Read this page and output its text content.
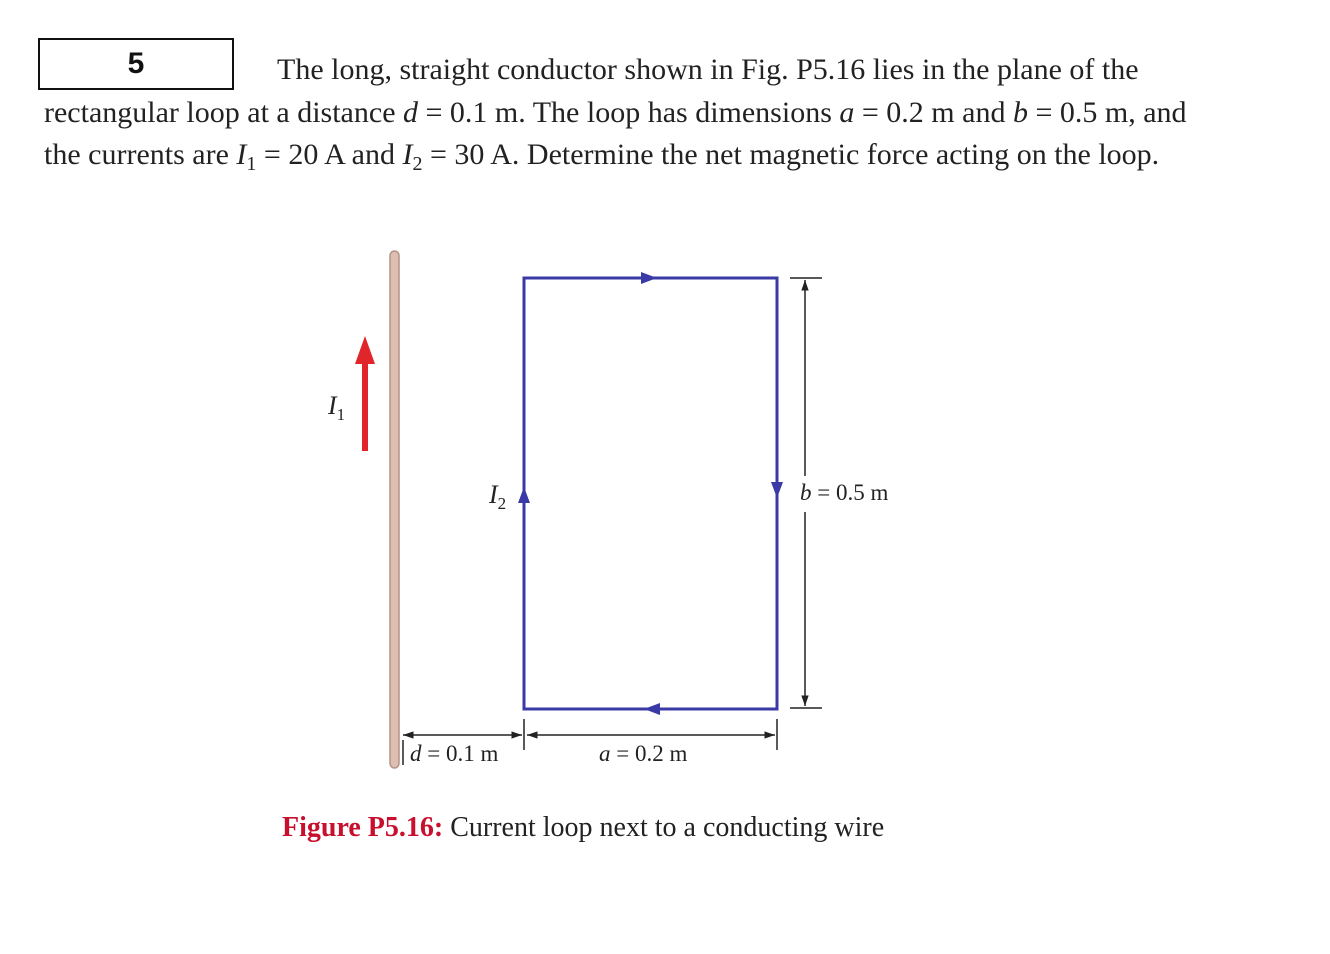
5	The long, straight conductor shown in Fig. P5.16 lies in the plane of the rectangular loop at a distance d = 0.1 m. The loop has dimensions a = 0.2 m and b = 0.5 m, and the currents are $I_1 = 20$ A and $I_2 = 30$ A. Determine the net magnetic force acting on the loop.

$I_1$
$I_2$	b = 0.5 m
d = 0.1 m	a = 0.2 m
Figure P5.16: Current loop next to a conducting wire
